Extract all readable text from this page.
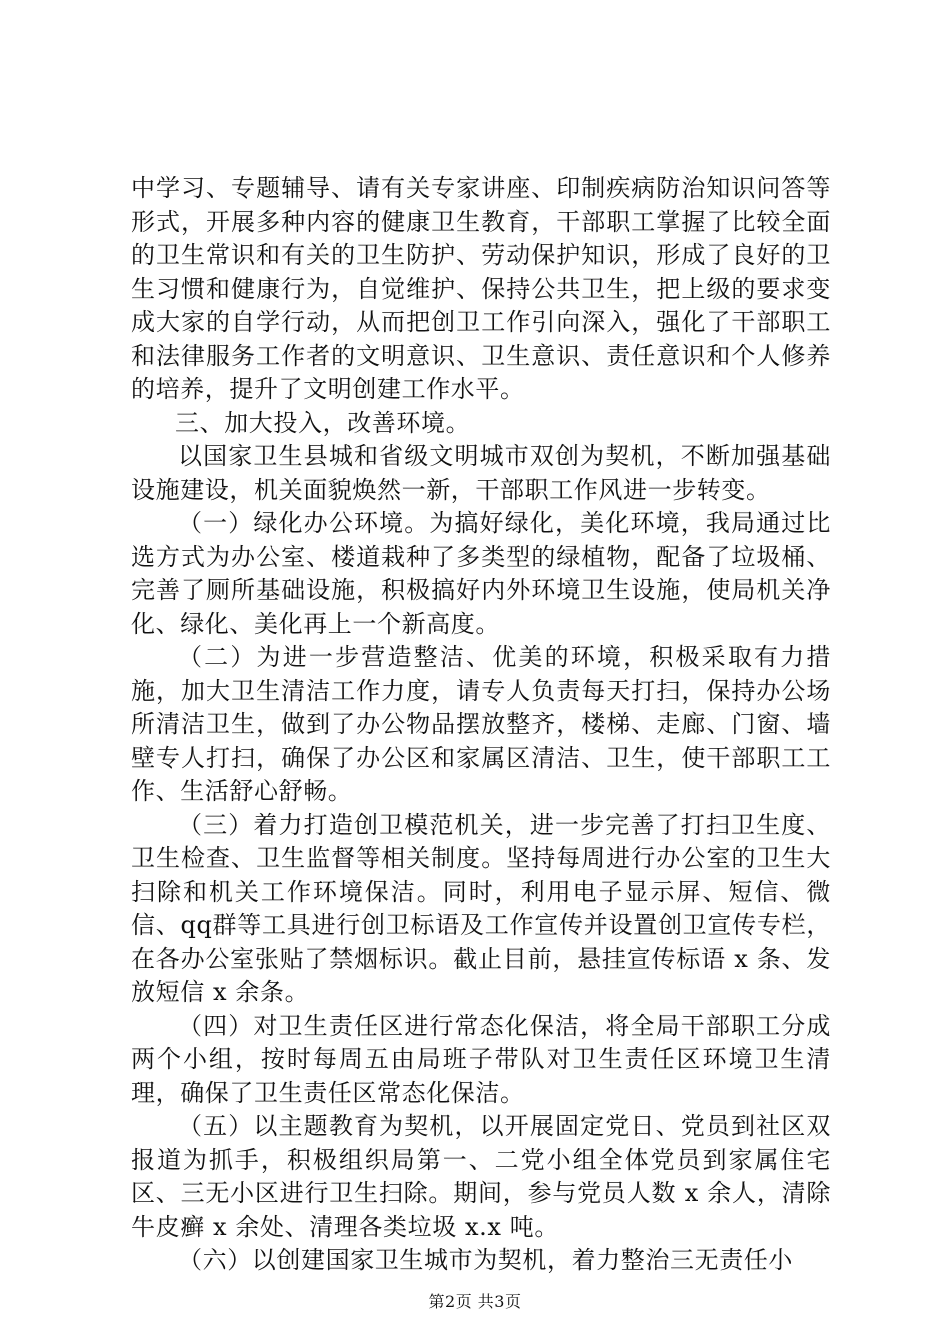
中学习、专题辅导、请有关专家讲座、印制疾病防治知识问答等形式，开展多种内容的健康卫生教育，干部职工掌握了比较全面的卫生常识和有关的卫生防护、劳动保护知识，形成了良好的卫生习惯和健康行为，自觉维护、保持公共卫生，把上级的要求变成大家的自学行动，从而把创卫工作引向深入，强化了干部职工和法律服务工作者的文明意识、卫生意识、责任意识和个人修养的培养，提升了文明创建工作水平。

三、加大投入，改善环境。

以国家卫生县城和省级文明城市双创为契机，不断加强基础设施建设，机关面貌焕然一新，干部职工作风进一步转变。

（一）绿化办公环境。为搞好绿化，美化环境，我局通过比选方式为办公室、楼道栽种了多类型的绿植物，配备了垃圾桶、完善了厕所基础设施，积极搞好内外环境卫生设施，使局机关净化、绿化、美化再上一个新高度。

（二）为进一步营造整洁、优美的环境，积极采取有力措施，加大卫生清洁工作力度，请专人负责每天打扫，保持办公场所清洁卫生，做到了办公物品摆放整齐，楼梯、走廊、门窗、墙壁专人打扫，确保了办公区和家属区清洁、卫生，使干部职工工作、生活舒心舒畅。

（三）着力打造创卫模范机关，进一步完善了打扫卫生度、卫生检查、卫生监督等相关制度。坚持每周进行办公室的卫生大扫除和机关工作环境保洁。同时，利用电子显示屏、短信、微信、qq群等工具进行创卫标语及工作宣传并设置创卫宣传专栏，在各办公室张贴了禁烟标识。截止目前，悬挂宣传标语 x 条、发放短信 x 余条。

（四）对卫生责任区进行常态化保洁，将全局干部职工分成两个小组，按时每周五由局班子带队对卫生责任区环境卫生清理，确保了卫生责任区常态化保洁。

（五）以主题教育为契机，以开展固定党日、党员到社区双报道为抓手，积极组织局第一、二党小组全体党员到家属住宅区、三无小区进行卫生扫除。期间，参与党员人数 x 余人，清除牛皮癣 x 余处、清理各类垃圾 x.x 吨。

（六）以创建国家卫生城市为契机，着力整治三无责任小

第2页 共3页
